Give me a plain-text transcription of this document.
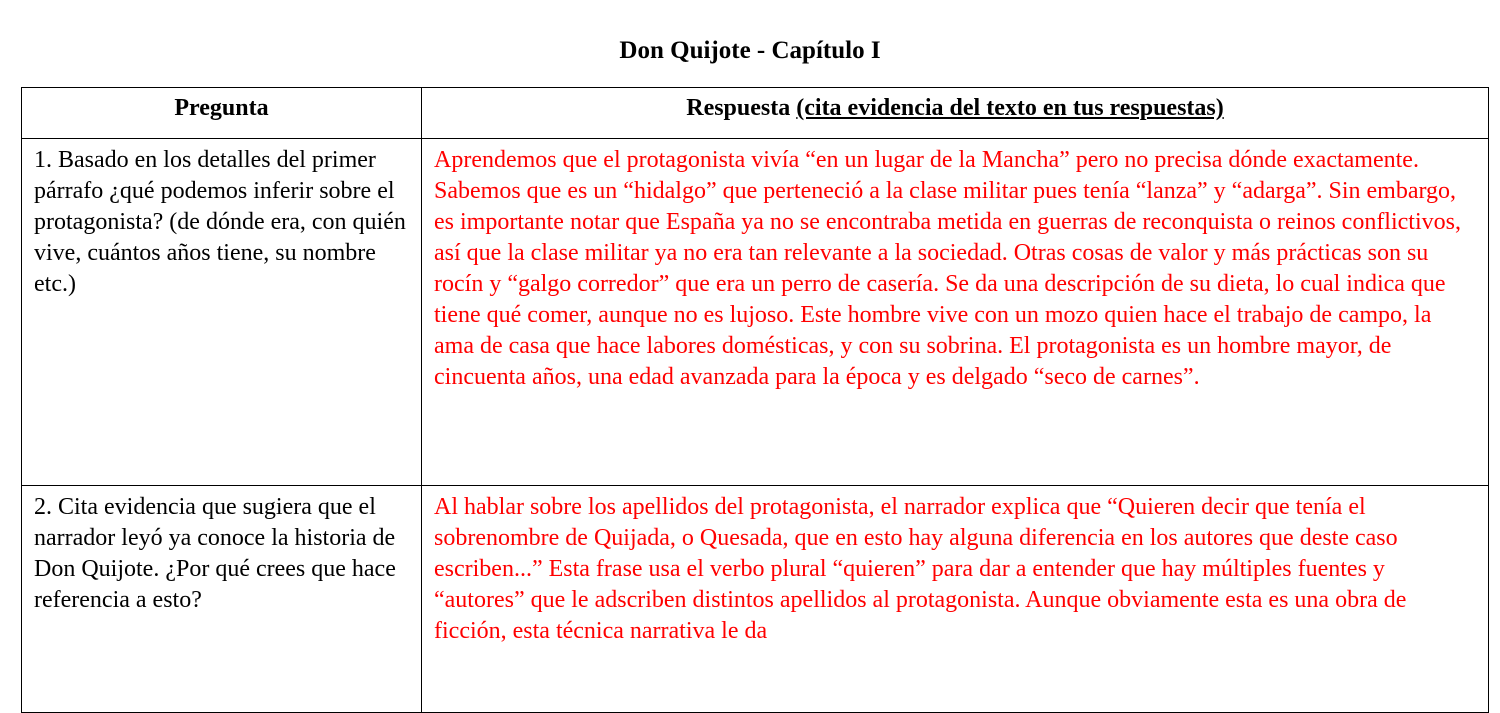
Don Quijote - Capítulo I
Pregunta	Respuesta (cita evidencia del texto en tus respuestas)
1. Basado en los detalles del primer párrafo ¿qué podemos inferir sobre el protagonista? (de dónde era, con quién vive, cuántos años tiene, su nombre etc.)	Aprendemos que el protagonista vivía “en un lugar de la Mancha” pero no precisa dónde exactamente. Sabemos que es un “hidalgo” que perteneció a la clase militar pues tenía “lanza” y “adarga”. Sin embargo, es importante notar que España ya no se encontraba metida en guerras de reconquista o reinos conflictivos, así que la clase militar ya no era tan relevante a la sociedad. Otras cosas de valor y más prácticas son su rocín y “galgo corredor” que era un perro de casería. Se da una descripción de su dieta, lo cual indica que tiene qué comer, aunque no es lujoso. Este hombre vive con un mozo quien hace el trabajo de campo, la ama de casa que hace labores domésticas, y con su sobrina. El protagonista es un hombre mayor, de cincuenta años, una edad avanzada para la época y es delgado “seco de carnes”.
2. Cita evidencia que sugiera que el narrador leyó ya conoce la historia de Don Quijote. ¿Por qué crees que hace referencia a esto?	Al hablar sobre los apellidos del protagonista, el narrador explica que “Quieren decir que tenía el sobrenombre de Quijada, o Quesada, que en esto hay alguna diferencia en los autores que deste caso escriben...” Esta frase usa el verbo plural “quieren” para dar a entender que hay múltiples fuentes y “autores” que le adscriben distintos apellidos al protagonista. Aunque obviamente esta es una obra de ficción, esta técnica narrativa le da
